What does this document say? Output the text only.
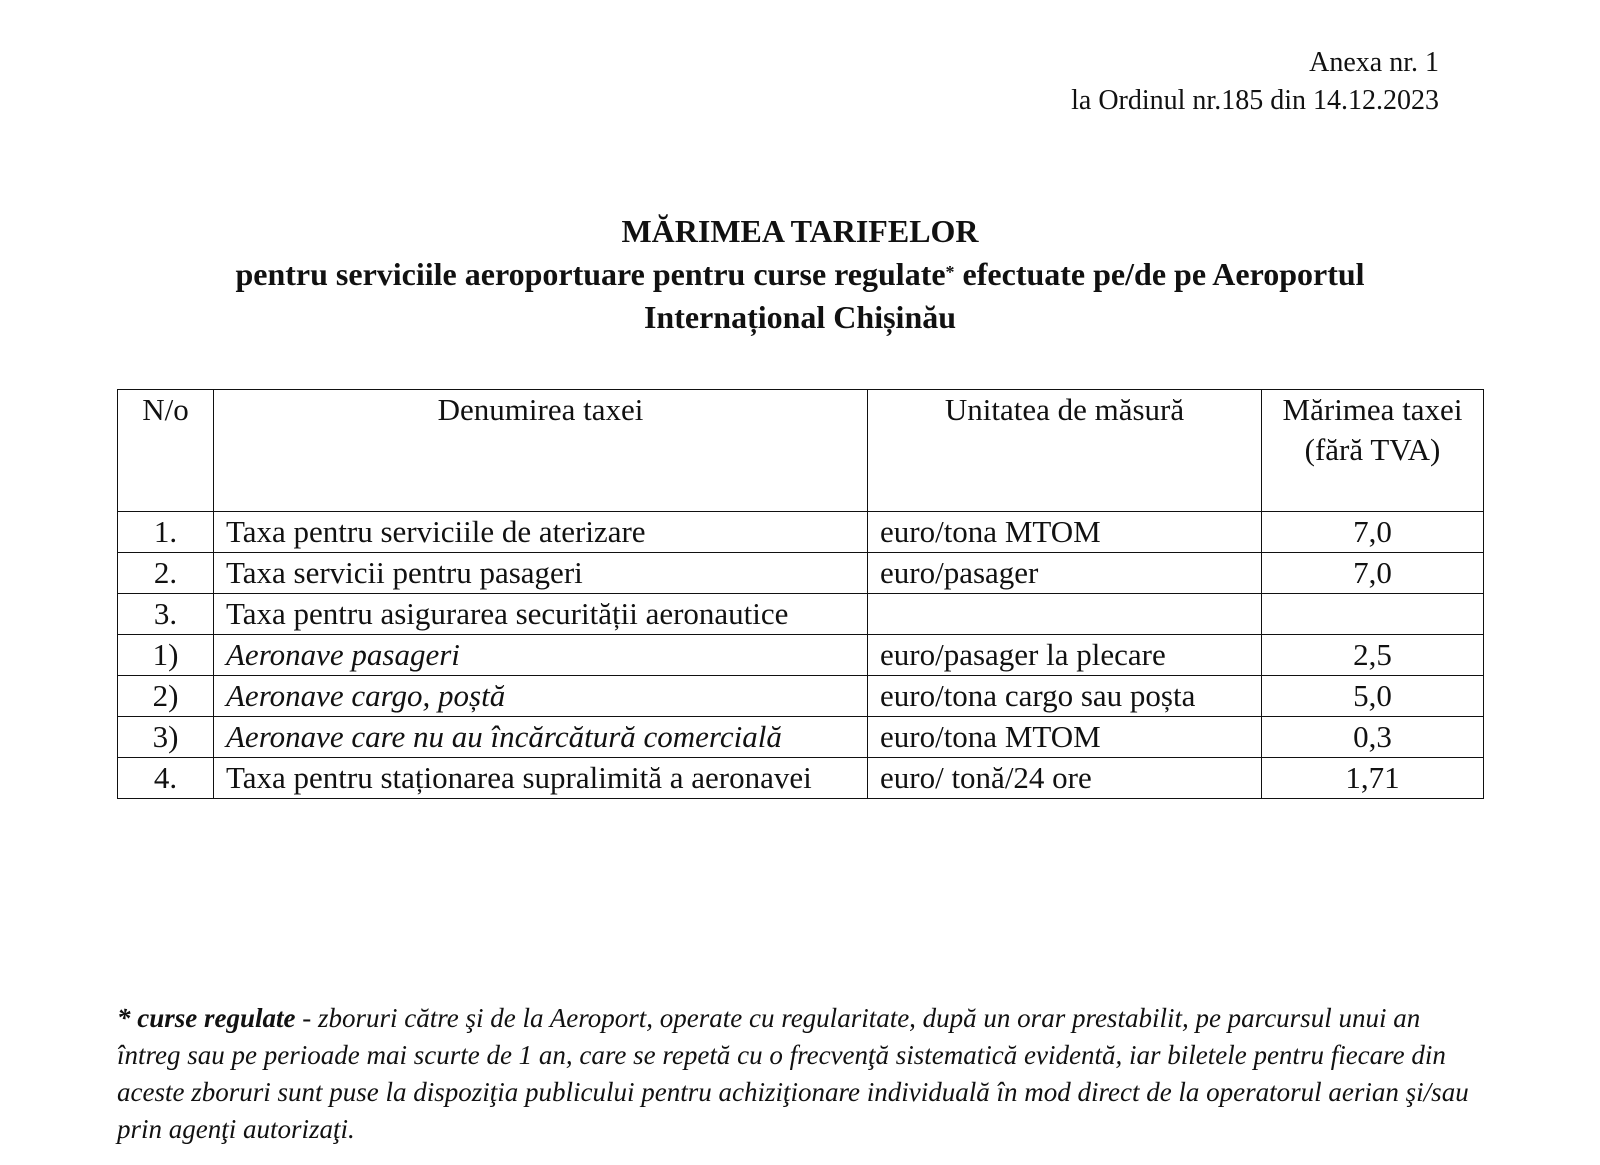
Anexa nr. 1
la Ordinul nr.185 din 14.12.2023
MĂRIMEA TARIFELOR
pentru serviciile aeroportuare pentru curse regulate* efectuate pe/de pe Aeroportul
Internațional Chișinău
N/o	Denumirea taxei	Unitatea de măsură	Mărimea taxei (fără TVA)
1.	Taxa pentru serviciile de aterizare	euro/tona MTOM	7,0
2.	Taxa servicii pentru pasageri	euro/pasager	7,0
3.	Taxa pentru asigurarea securității aeronautice		
1)	Aeronave pasageri	euro/pasager la plecare	2,5
2)	Aeronave cargo, poștă	euro/tona cargo sau poșta	5,0
3)	Aeronave care nu au încărcătură comercială	euro/tona MTOM	0,3
4.	Taxa pentru staționarea supralimită a aeronavei	euro/ tonă/24 ore	1,71
* curse regulate - zboruri către şi de la Aeroport, operate cu regularitate, după un orar prestabilit, pe parcursul unui an întreg sau pe perioade mai scurte de 1 an, care se repetă cu o frecvenţă sistematică evidentă, iar biletele pentru fiecare din aceste zboruri sunt puse la dispoziţia publicului pentru achiziţionare individuală în mod direct de la operatorul aerian şi/sau prin agenţi autorizaţi.
